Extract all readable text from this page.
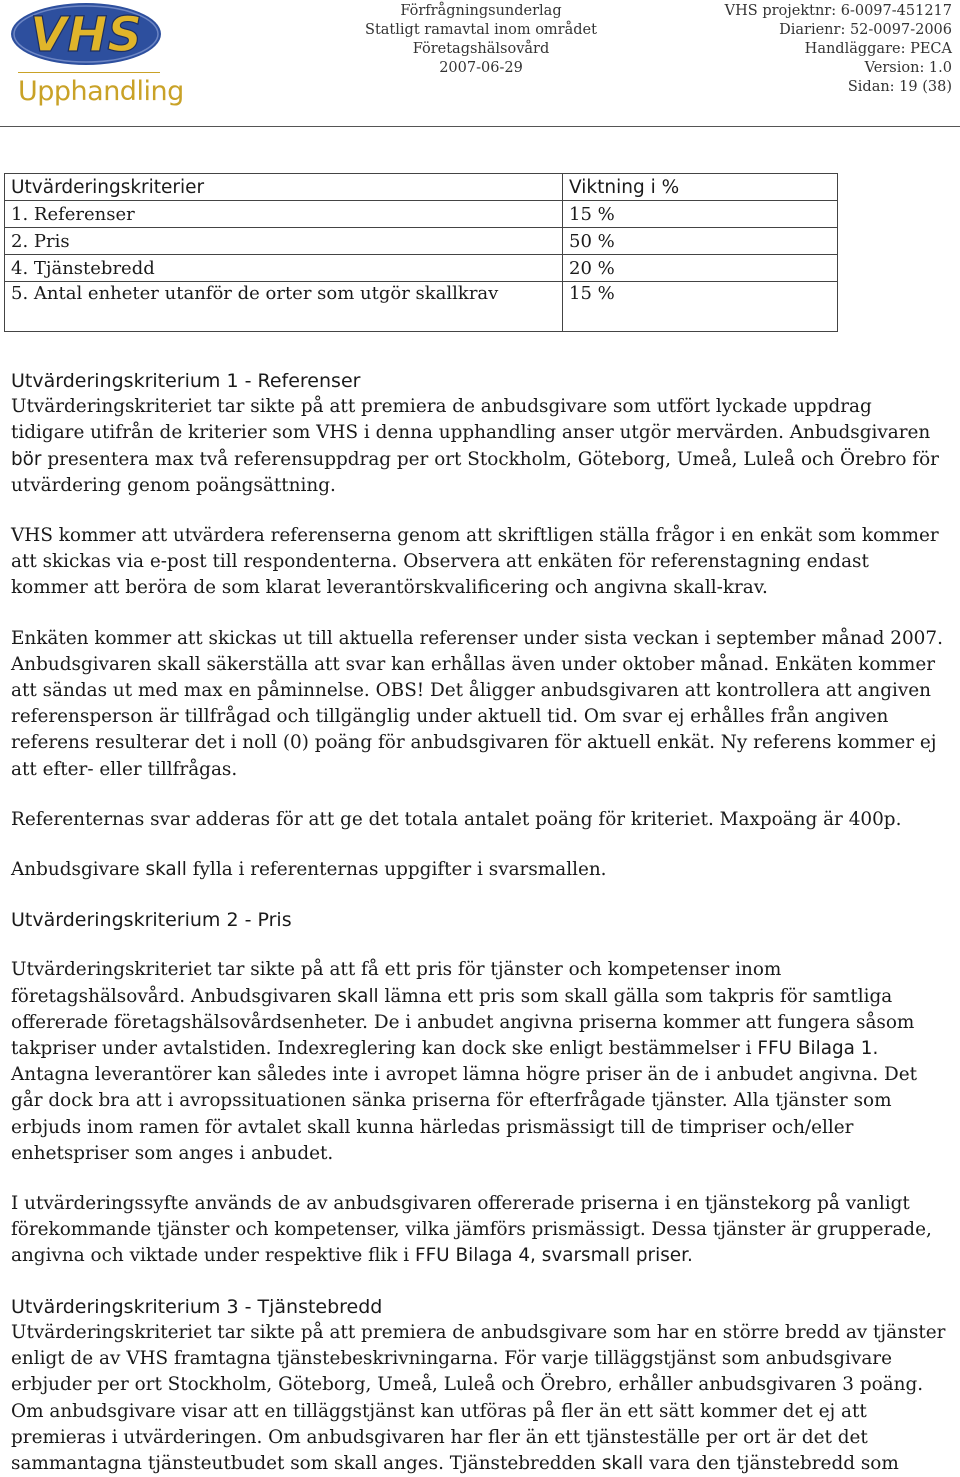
VHS
Upphandling
Förfrågningsunderlag
Statligt ramavtal inom området
Företagshälsovård
2007-06-29
VHS projektnr: 6-0097-451217
Diarienr: 52-0097-2006
Handläggare: PECA
Version: 1.0
Sidan: 19 (38)
Utvärderingskriterier	Viktning i %
1. Referenser	15 %
2. Pris	50 %
4. Tjänstebredd	20 %
5. Antal enheter utanför de orter som utgör skallkrav	15 %
Utvärderingskriterium 1 - Referenser

Utvärderingskriteriet tar sikte på att premiera de anbudsgivare som utfört lyckade uppdrag tidigare utifrån de kriterier som VHS i denna upphandling anser utgör mervärden. Anbudsgivaren bör presentera max två referensuppdrag per ort Stockholm, Göteborg, Umeå, Luleå och Örebro för utvärdering genom poängsättning.

VHS kommer att utvärdera referenserna genom att skriftligen ställa frågor i en enkät som kommer att skickas via e-post till respondenterna. Observera att enkäten för referenstagning endast kommer att beröra de som klarat leverantörskvalificering och angivna skall-krav.

Enkäten kommer att skickas ut till aktuella referenser under sista veckan i september månad 2007. Anbudsgivaren skall säkerställa att svar kan erhållas även under oktober månad. Enkäten kommer att sändas ut med max en påminnelse. OBS! Det åligger anbudsgivaren att kontrollera att angiven referensperson är tillfrågad och tillgänglig under aktuell tid. Om svar ej erhålles från angiven referens resulterar det i noll (0) poäng för anbudsgivaren för aktuell enkät. Ny referens kommer ej att efter- eller tillfrågas.

Referenternas svar adderas för att ge det totala antalet poäng för kriteriet. Maxpoäng är 400p.

Anbudsgivare skall fylla i referenternas uppgifter i svarsmallen.

Utvärderingskriterium 2 - Pris

Utvärderingskriteriet tar sikte på att få ett pris för tjänster och kompetenser inom företagshälsovård. Anbudsgivaren skall lämna ett pris som skall gälla som takpris för samtliga offererade företagshälsovårdsenheter. De i anbudet angivna priserna kommer att fungera såsom takpriser under avtalstiden. Indexreglering kan dock ske enligt bestämmelser i FFU Bilaga 1. Antagna leverantörer kan således inte i avropet lämna högre priser än de i anbudet angivna. Det går dock bra att i avropssituationen sänka priserna för efterfrågade tjänster. Alla tjänster som erbjuds inom ramen för avtalet skall kunna härledas prismässigt till de timpriser och/eller enhetspriser som anges i anbudet.

I utvärderingssyfte används de av anbudsgivaren offererade priserna i en tjänstekorg på vanligt förekommande tjänster och kompetenser, vilka jämförs prismässigt. Dessa tjänster är grupperade, angivna och viktade under respektive flik i FFU Bilaga 4, svarsmall priser.

Utvärderingskriterium 3 - Tjänstebredd

Utvärderingskriteriet tar sikte på att premiera de anbudsgivare som har en större bredd av tjänster enligt de av VHS framtagna tjänstebeskrivningarna. För varje tilläggstjänst som anbudsgivare erbjuder per ort Stockholm, Göteborg, Umeå, Luleå och Örebro, erhåller anbudsgivaren 3 poäng. Om anbudsgivare visar att en tilläggstjänst kan utföras på fler än ett sätt kommer det ej att premieras i utvärderingen. Om anbudsgivaren har fler än ett tjänsteställe per ort är det det sammantagna tjänsteutbudet som skall anges. Tjänstebredden skall vara den tjänstebredd som
